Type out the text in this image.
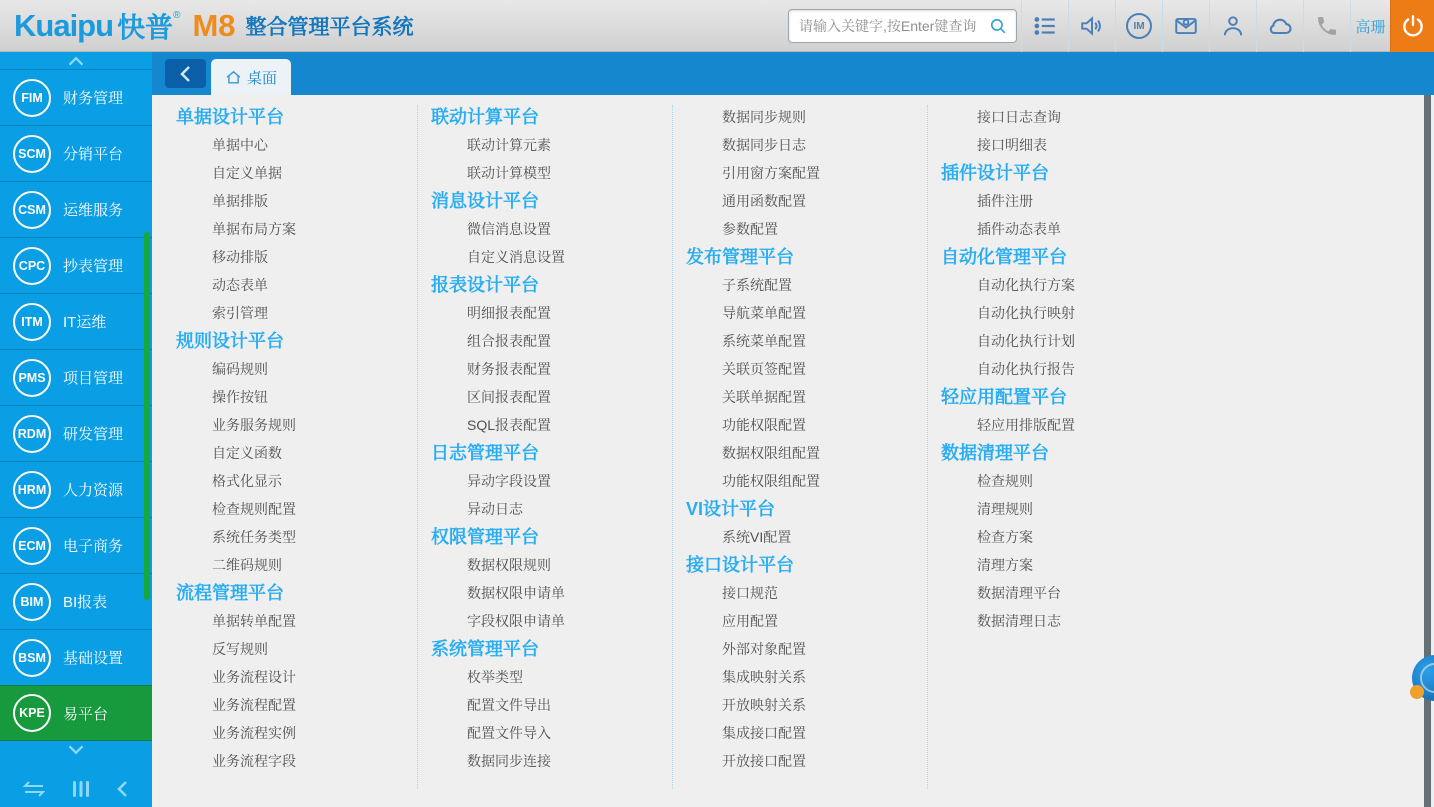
Kuaipu 快普 ® M8 整合管理平台系统
请输入关键字,按Enter键查询	IM	高珊
FIM	财务管理
SCM	分销平台
CSM	运维服务
CPC	抄表管理
ITM	IT运维
PMS	项目管理
RDM	研发管理
HRM	人力资源
ECM	电子商务
BIM	BI报表
BSM	基础设置
KPE	易平台
桌面
单据设计平台
单据中心
自定义单据
单据排版
单据布局方案
移动排版
动态表单
索引管理
规则设计平台
编码规则
操作按钮
业务服务规则
自定义函数
格式化显示
检查规则配置
系统任务类型
二维码规则
流程管理平台
单据转单配置
反写规则
业务流程设计
业务流程配置
业务流程实例
业务流程字段
联动计算平台
联动计算元素
联动计算模型
消息设计平台
微信消息设置
自定义消息设置
报表设计平台
明细报表配置
组合报表配置
财务报表配置
区间报表配置
SQL报表配置
日志管理平台
异动字段设置
异动日志
权限管理平台
数据权限规则
数据权限申请单
字段权限申请单
系统管理平台
枚举类型
配置文件导出
配置文件导入
数据同步连接
数据同步规则
数据同步日志
引用窗方案配置
通用函数配置
参数配置
发布管理平台
子系统配置
导航菜单配置
系统菜单配置
关联页签配置
关联单据配置
功能权限配置
数据权限组配置
功能权限组配置
VI设计平台
系统VI配置
接口设计平台
接口规范
应用配置
外部对象配置
集成映射关系
开放映射关系
集成接口配置
开放接口配置
接口日志查询
接口明细表
插件设计平台
插件注册
插件动态表单
自动化管理平台
自动化执行方案
自动化执行映射
自动化执行计划
自动化执行报告
轻应用配置平台
轻应用排版配置
数据清理平台
检查规则
清理规则
检查方案
清理方案
数据清理平台
数据清理日志
